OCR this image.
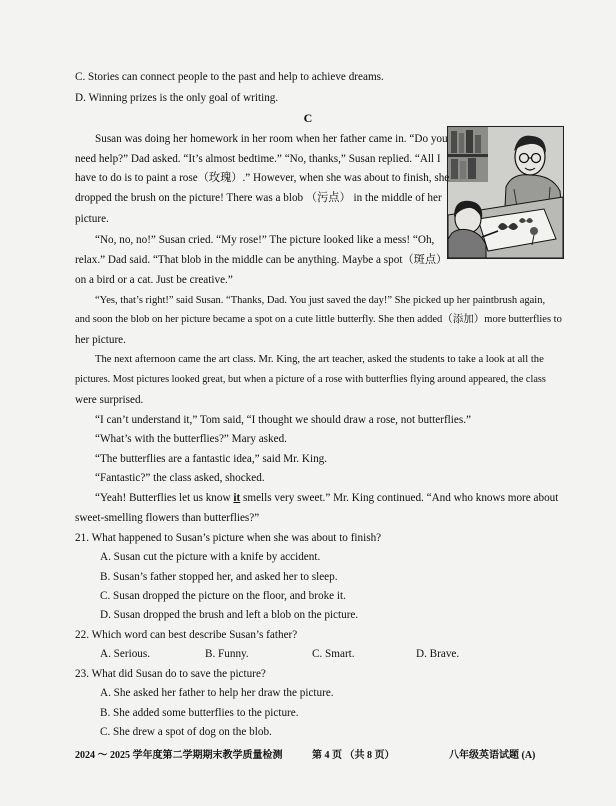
C. Stories can connect people to the past and help to achieve dreams.
D. Winning prizes is the only goal of writing.
C
Susan was doing her homework in her room when her father came in. “Do you
need help?” Dad asked. “It’s almost bedtime.” “No, thanks,” Susan replied. “All I
have to do is to paint a rose（玫瑰）.” However, when she was about to finish, she
dropped the brush on the picture! There was a blob （污点） in the middle of her
picture.
“No, no, no!” Susan cried. “My rose!” The picture looked like a mess! “Oh,
relax.” Dad said. “That blob in the middle can be anything. Maybe a spot（斑点）
on a bird or a cat. Just be creative.”
“Yes, that’s right!” said Susan. “Thanks, Dad. You just saved the day!” She picked up her paintbrush again,
and soon the blob on her picture became a spot on a cute little butterfly. She then added（添加）more butterflies to
her picture.
The next afternoon came the art class. Mr. King, the art teacher, asked the students to take a look at all the
pictures. Most pictures looked great, but when a picture of a rose with butterflies flying around appeared, the class
were surprised.
“I can’t understand it,” Tom said, “I thought we should draw a rose, not butterflies.”
“What’s with the butterflies?” Mary asked.
“The butterflies are a fantastic idea,” said Mr. King.
“Fantastic?” the class asked, shocked.
“Yeah! Butterflies let us know it smells very sweet.” Mr. King continued. “And who knows more about
sweet-smelling flowers than butterflies?”
21. What happened to Susan’s picture when she was about to finish?
A. Susan cut the picture with a knife by accident.
B. Susan’s father stopped her, and asked her to sleep.
C. Susan dropped the picture on the floor, and broke it.
D. Susan dropped the brush and left a blob on the picture.
22. Which word can best describe Susan’s father?
A. Serious.	B. Funny.	C. Smart.	D. Brave.
23. What did Susan do to save the picture?
A. She asked her father to help her draw the picture.
B. She added some butterflies to the picture.
C. She drew a spot of dog on the blob.
2024 ～ 2025 学年度第二学期期末教学质量检测	第 4 页 （共 8 页）	八年级英语试题 (A)
